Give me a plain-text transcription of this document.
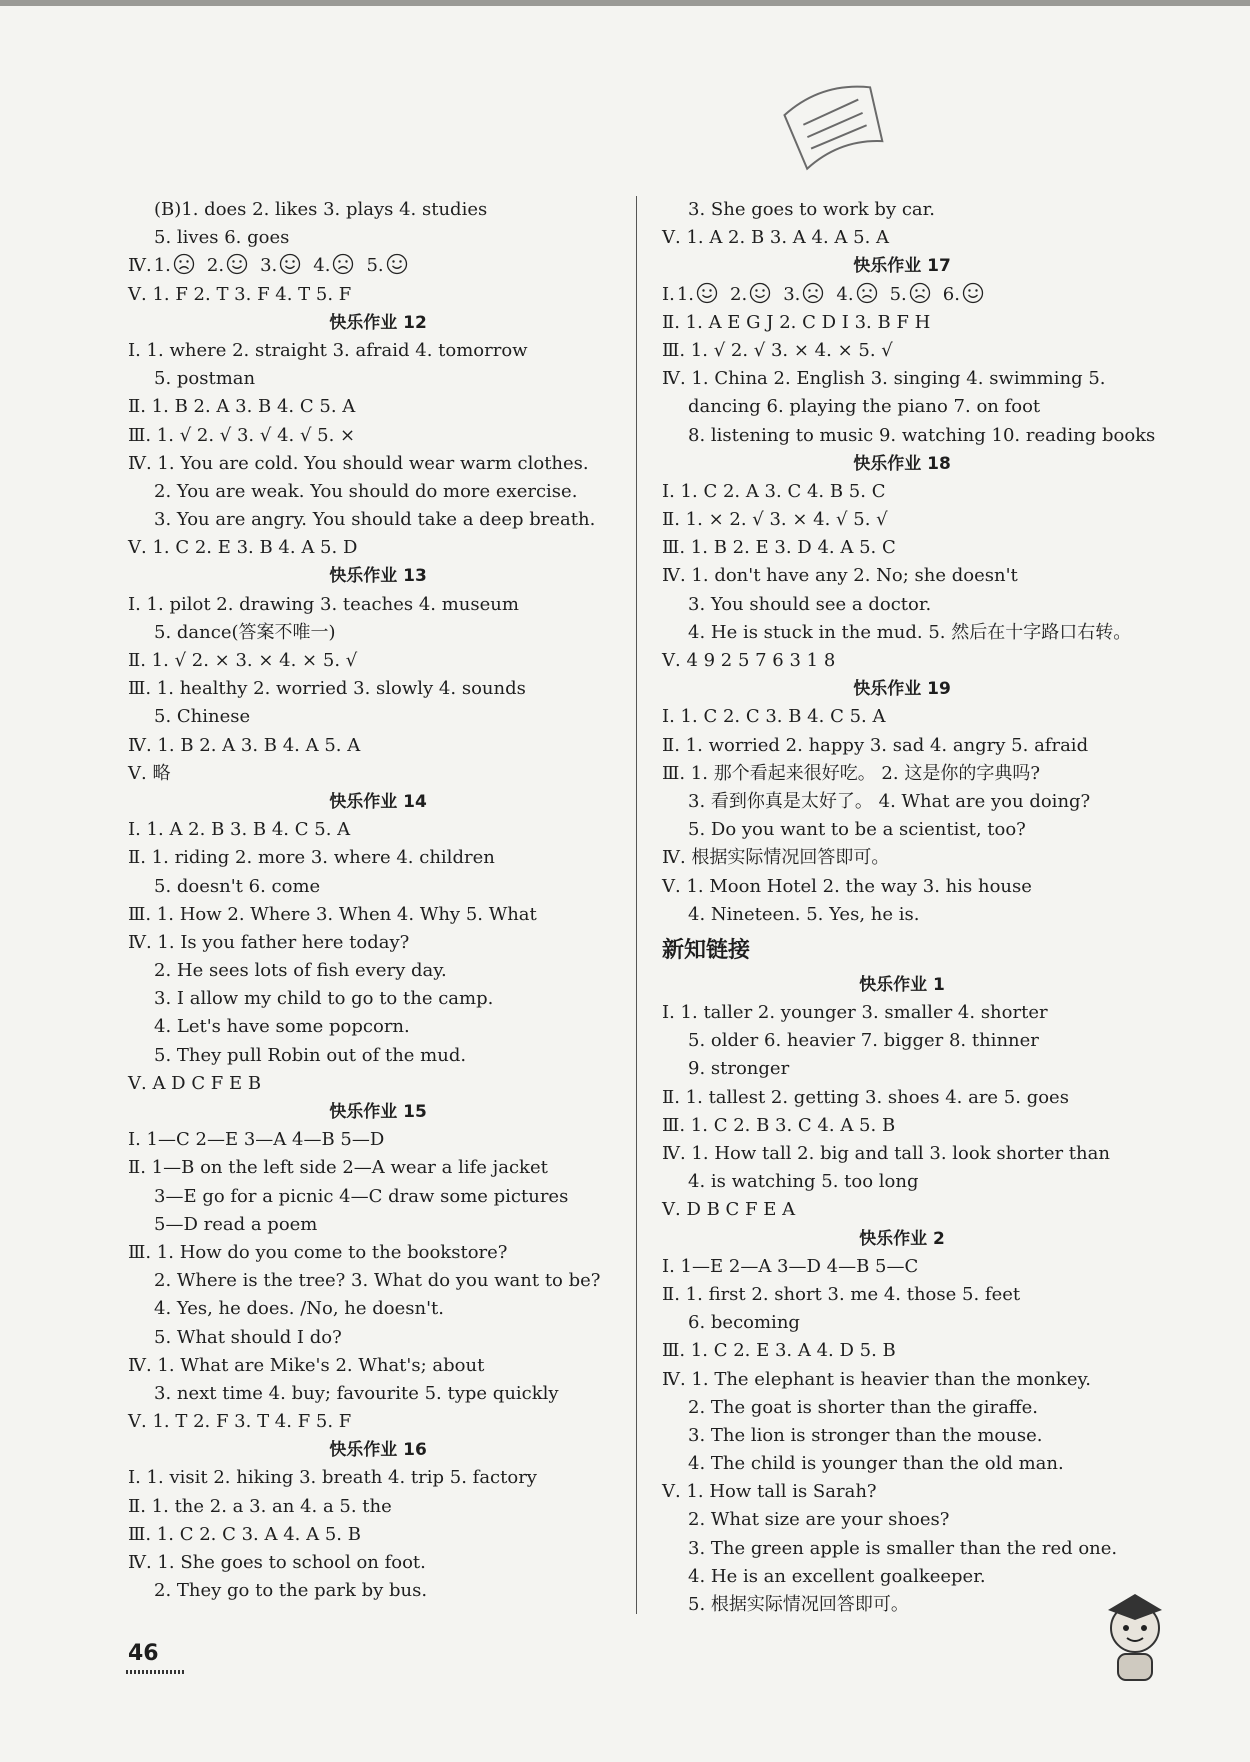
(B)1. does 2. likes 3. plays 4. studies
5. lives 6. goes
Ⅳ. 1. 2. 3. 4. 5.
Ⅴ. 1. F 2. T 3. F 4. T 5. F
快乐作业 12
Ⅰ. 1. where 2. straight 3. afraid 4. tomorrow
5. postman
Ⅱ. 1. B 2. A 3. B 4. C 5. A
Ⅲ. 1. √ 2. √ 3. √ 4. √ 5. ×
Ⅳ. 1. You are cold. You should wear warm clothes.
2. You are weak. You should do more exercise.
3. You are angry. You should take a deep breath.
Ⅴ. 1. C 2. E 3. B 4. A 5. D
快乐作业 13
Ⅰ. 1. pilot 2. drawing 3. teaches 4. museum
5. dance(答案不唯一)
Ⅱ. 1. √ 2. × 3. × 4. × 5. √
Ⅲ. 1. healthy 2. worried 3. slowly 4. sounds
5. Chinese
Ⅳ. 1. B 2. A 3. B 4. A 5. A
Ⅴ. 略
快乐作业 14
Ⅰ. 1. A 2. B 3. B 4. C 5. A
Ⅱ. 1. riding 2. more 3. where 4. children
5. doesn't 6. come
Ⅲ. 1. How 2. Where 3. When 4. Why 5. What
Ⅳ. 1. Is you father here today?
2. He sees lots of fish every day.
3. I allow my child to go to the camp.
4. Let's have some popcorn.
5. They pull Robin out of the mud.
Ⅴ. A D C F E B
快乐作业 15
Ⅰ. 1—C 2—E 3—A 4—B 5—D
Ⅱ. 1—B on the left side 2—A wear a life jacket
3—E go for a picnic 4—C draw some pictures
5—D read a poem
Ⅲ. 1. How do you come to the bookstore?
2. Where is the tree? 3. What do you want to be?
4. Yes, he does. /No, he doesn't.
5. What should I do?
Ⅳ. 1. What are Mike's 2. What's; about
3. next time 4. buy; favourite 5. type quickly
Ⅴ. 1. T 2. F 3. T 4. F 5. F
快乐作业 16
Ⅰ. 1. visit 2. hiking 3. breath 4. trip 5. factory
Ⅱ. 1. the 2. a 3. an 4. a 5. the
Ⅲ. 1. C 2. C 3. A 4. A 5. B
Ⅳ. 1. She goes to school on foot.
2. They go to the park by bus.
3. She goes to work by car.
Ⅴ. 1. A 2. B 3. A 4. A 5. A
快乐作业 17
Ⅰ. 1. 2. 3. 4. 5. 6.
Ⅱ. 1. A E G J 2. C D I 3. B F H
Ⅲ. 1. √ 2. √ 3. × 4. × 5. √
Ⅳ. 1. China 2. English 3. singing 4. swimming 5.
dancing 6. playing the piano 7. on foot
8. listening to music 9. watching 10. reading books
快乐作业 18
Ⅰ. 1. C 2. A 3. C 4. B 5. C
Ⅱ. 1. × 2. √ 3. × 4. √ 5. √
Ⅲ. 1. B 2. E 3. D 4. A 5. C
Ⅳ. 1. don't have any 2. No; she doesn't
3. You should see a doctor.
4. He is stuck in the mud. 5. 然后在十字路口右转。
Ⅴ. 4 9 2 5 7 6 3 1 8
快乐作业 19
Ⅰ. 1. C 2. C 3. B 4. C 5. A
Ⅱ. 1. worried 2. happy 3. sad 4. angry 5. afraid
Ⅲ. 1. 那个看起来很好吃。 2. 这是你的字典吗?
3. 看到你真是太好了。 4. What are you doing?
5. Do you want to be a scientist, too?
Ⅳ. 根据实际情况回答即可。
Ⅴ. 1. Moon Hotel 2. the way 3. his house
4. Nineteen. 5. Yes, he is.
新知链接
快乐作业 1
Ⅰ. 1. taller 2. younger 3. smaller 4. shorter
5. older 6. heavier 7. bigger 8. thinner
9. stronger
Ⅱ. 1. tallest 2. getting 3. shoes 4. are 5. goes
Ⅲ. 1. C 2. B 3. C 4. A 5. B
Ⅳ. 1. How tall 2. big and tall 3. look shorter than
4. is watching 5. too long
Ⅴ. D B C F E A
快乐作业 2
Ⅰ. 1—E 2—A 3—D 4—B 5—C
Ⅱ. 1. first 2. short 3. me 4. those 5. feet
6. becoming
Ⅲ. 1. C 2. E 3. A 4. D 5. B
Ⅳ. 1. The elephant is heavier than the monkey.
2. The goat is shorter than the giraffe.
3. The lion is stronger than the mouse.
4. The child is younger than the old man.
Ⅴ. 1. How tall is Sarah?
2. What size are your shoes?
3. The green apple is smaller than the red one.
4. He is an excellent goalkeeper.
5. 根据实际情况回答即可。
46
